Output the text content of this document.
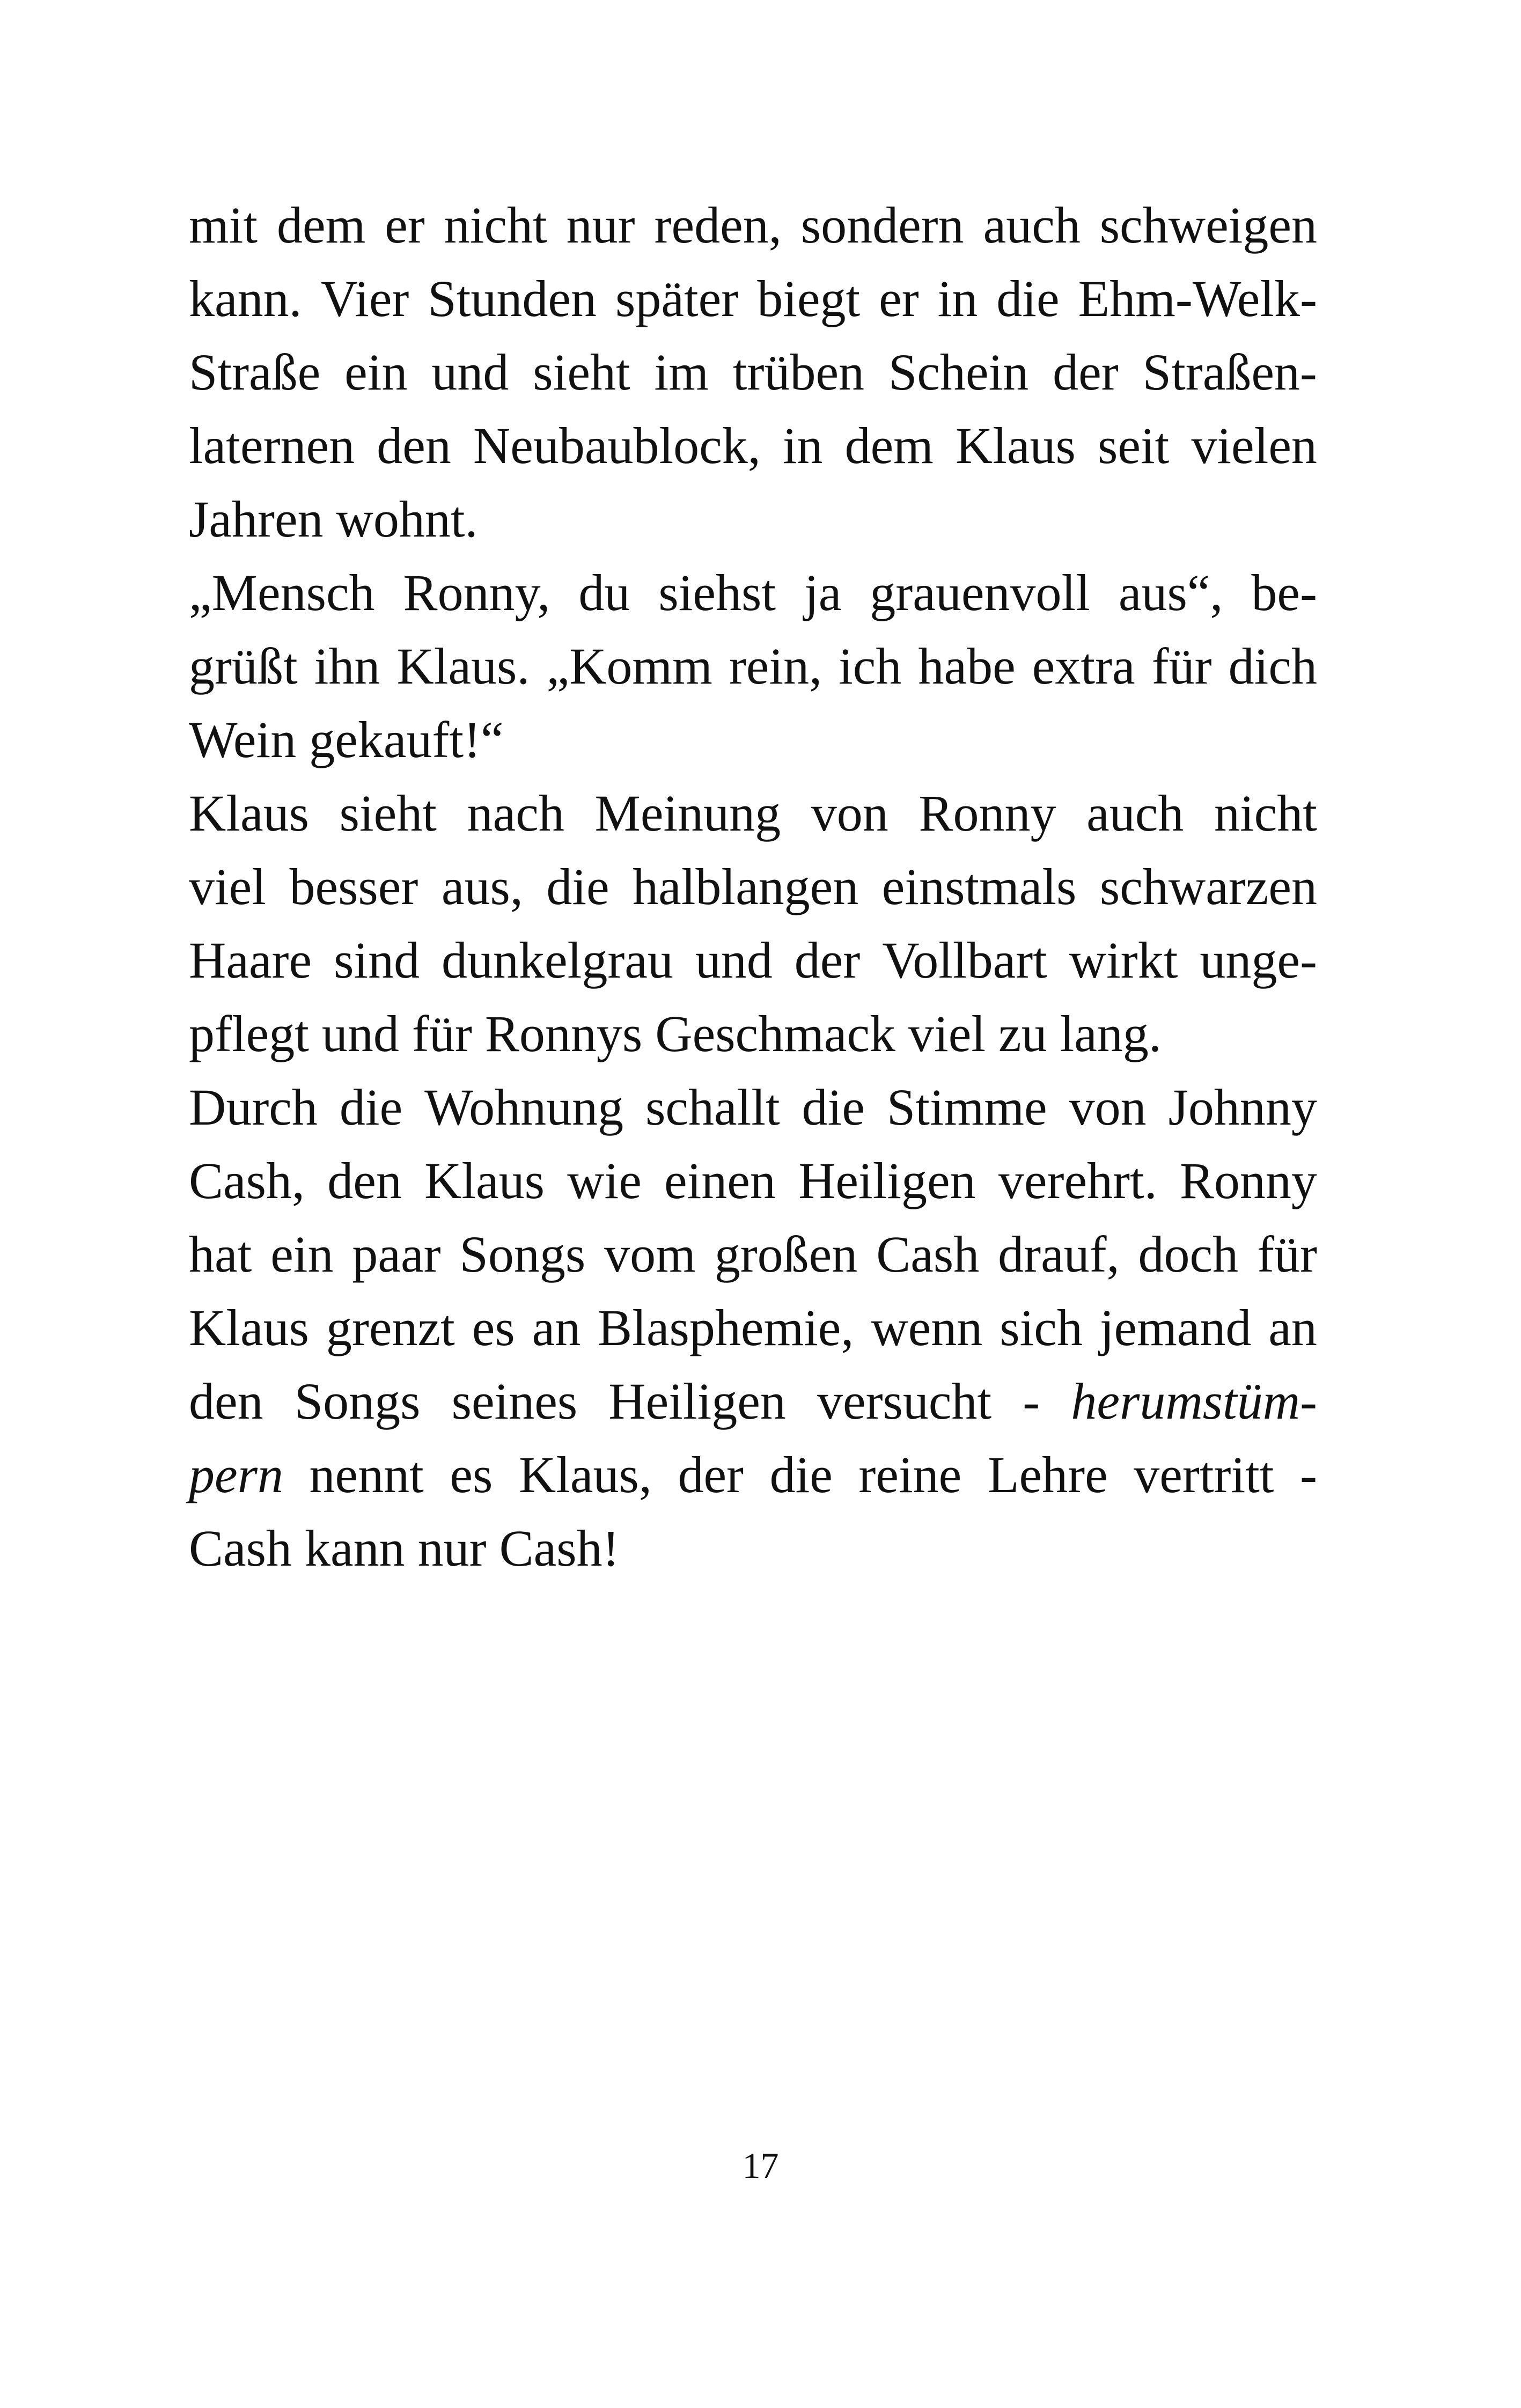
mit dem er nicht nur reden, sondern auch schweigen
kann. Vier Stunden später biegt er in die Ehm-Welk-
Straße ein und sieht im trüben Schein der Straßen-
laternen den Neubaublock, in dem Klaus seit vielen
Jahren wohnt.
„Mensch Ronny, du siehst ja grauenvoll aus“, be-
grüßt ihn Klaus. „Komm rein, ich habe extra für dich
Wein gekauft!“
Klaus sieht nach Meinung von Ronny auch nicht
viel besser aus, die halblangen einstmals schwarzen
Haare sind dunkelgrau und der Vollbart wirkt unge-
pflegt und für Ronnys Geschmack viel zu lang.
Durch die Wohnung schallt die Stimme von Johnny
Cash, den Klaus wie einen Heiligen verehrt. Ronny
hat ein paar Songs vom großen Cash drauf, doch für
Klaus grenzt es an Blasphemie, wenn sich jemand an
den Songs seines Heiligen versucht - herumstüm-
pern nennt es Klaus, der die reine Lehre vertritt -
Cash kann nur Cash!
17
